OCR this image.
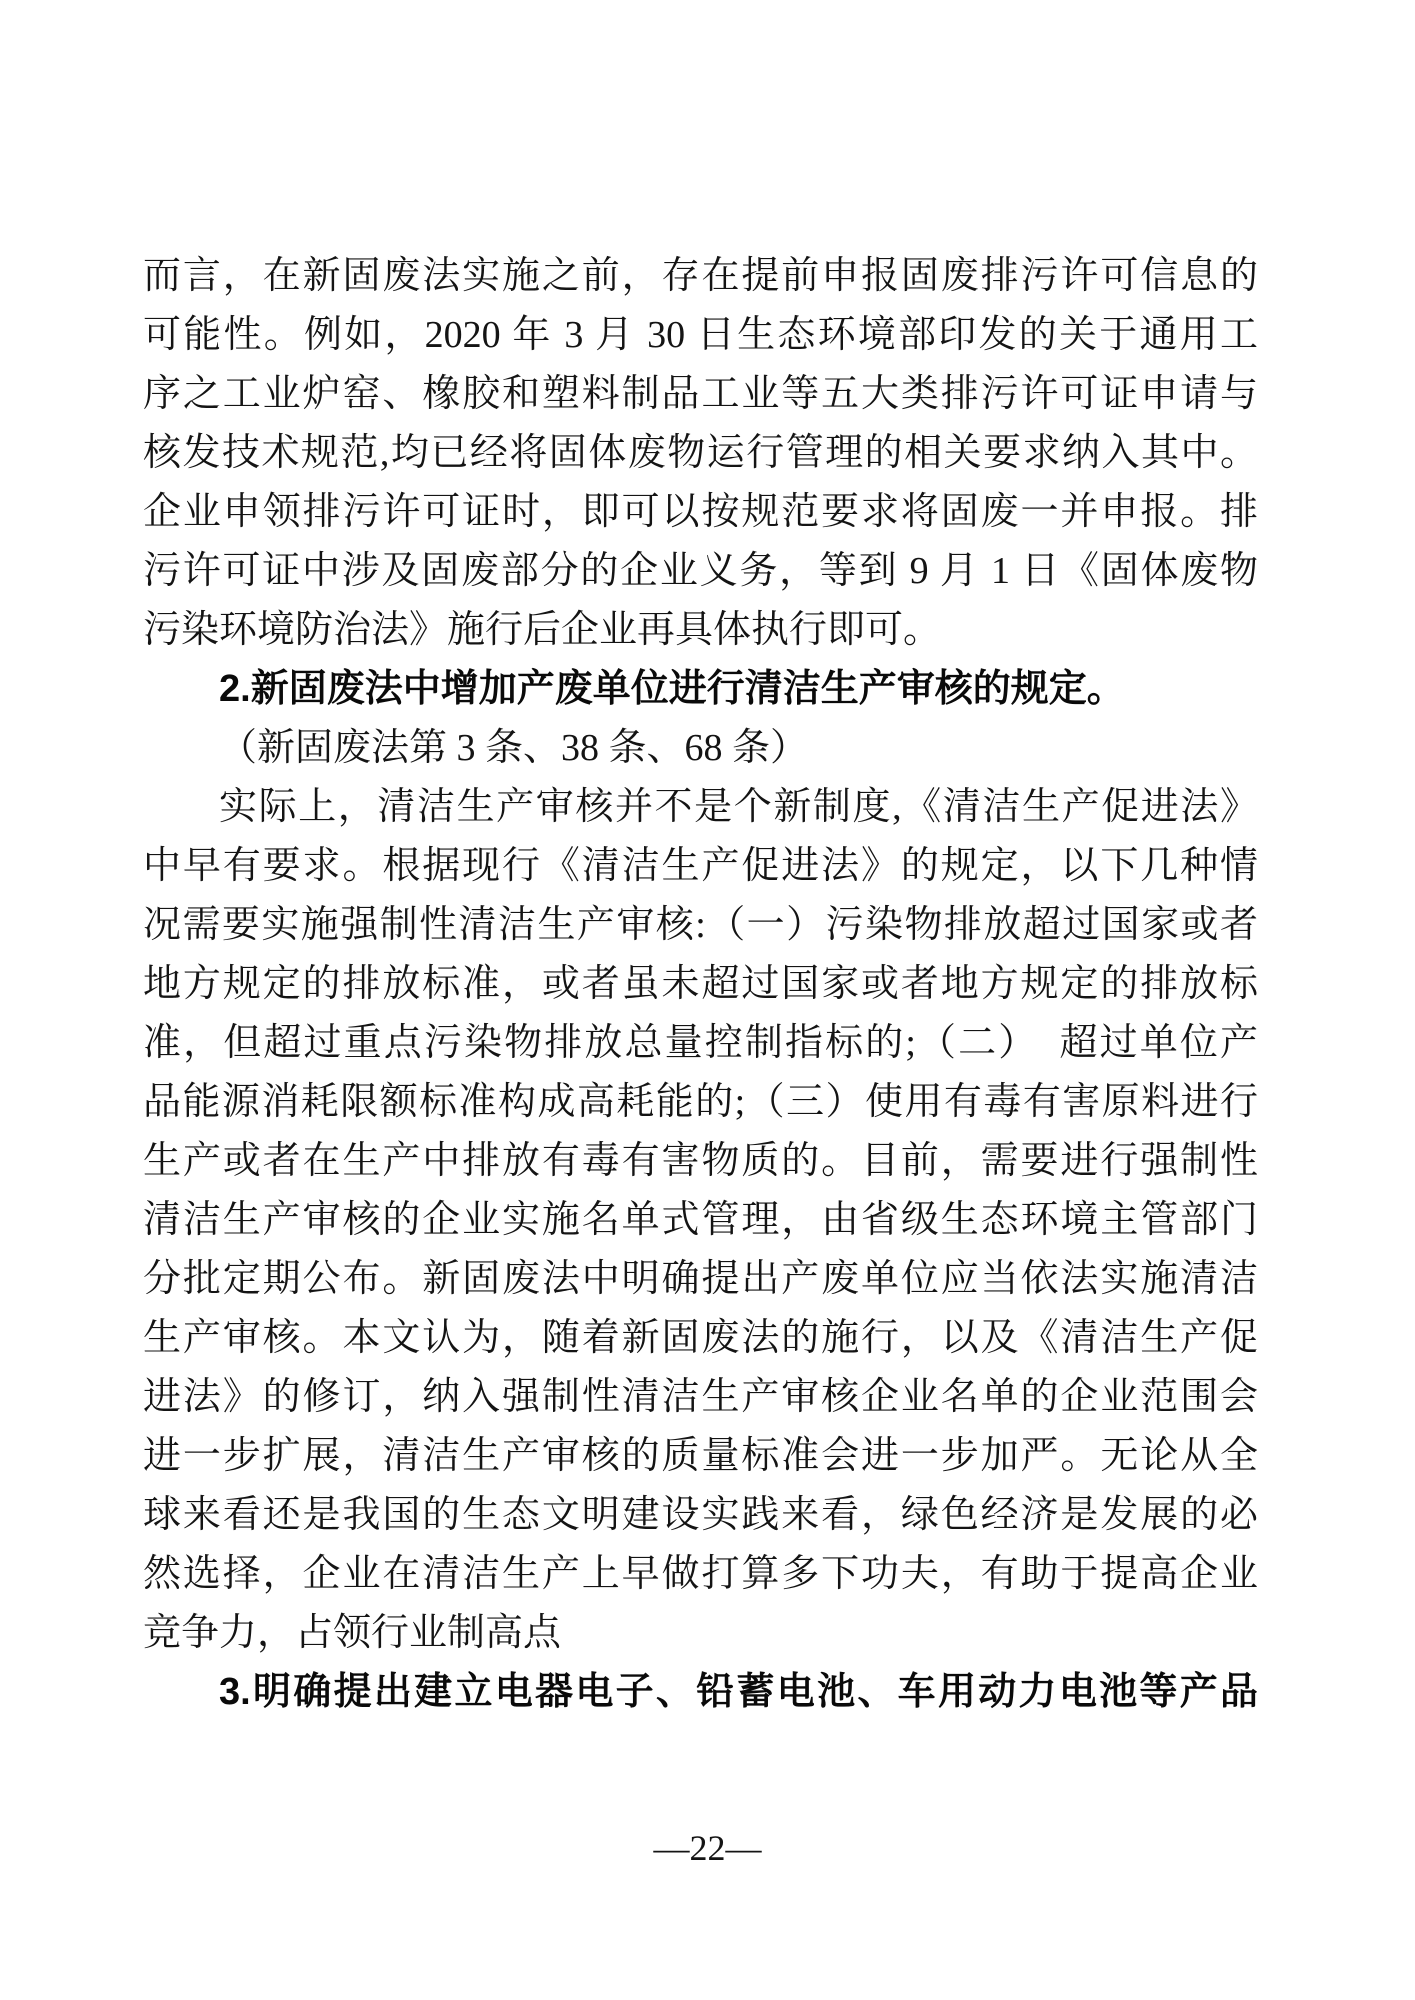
而言，在新固废法实施之前，存在提前申报固废排污许可信息的
可能性。例如，2020 年 3 月 30 日生态环境部印发的关于通用工
序之工业炉窑、橡胶和塑料制品工业等五大类排污许可证申请与
核发技术规范,均已经将固体废物运行管理的相关要求纳入其中。
企业申领排污许可证时，即可以按规范要求将固废一并申报。排
污许可证中涉及固废部分的企业义务，等到 9 月 1 日《固体废物
污染环境防治法》施行后企业再具体执行即可。
2.新固废法中增加产废单位进行清洁生产审核的规定。
（新固废法第 3 条、38 条、68 条）
实际上，清洁生产审核并不是个新制度,《清洁生产促进法》
中早有要求。根据现行《清洁生产促进法》的规定，以下几种情
况需要实施强制性清洁生产审核:（一）污染物排放超过国家或者
地方规定的排放标准，或者虽未超过国家或者地方规定的排放标
准，但超过重点污染物排放总量控制指标的;（二）　超过单位产
品能源消耗限额标准构成高耗能的;（三）使用有毒有害原料进行
生产或者在生产中排放有毒有害物质的。目前，需要进行强制性
清洁生产审核的企业实施名单式管理，由省级生态环境主管部门
分批定期公布。新固废法中明确提出产废单位应当依法实施清洁
生产审核。本文认为，随着新固废法的施行，以及《清洁生产促
进法》的修订，纳入强制性清洁生产审核企业名单的企业范围会
进一步扩展，清洁生产审核的质量标准会进一步加严。无论从全
球来看还是我国的生态文明建设实践来看，绿色经济是发展的必
然选择，企业在清洁生产上早做打算多下功夫，有助于提高企业
竞争力，占领行业制高点
3.明确提出建立电器电子、铅蓄电池、车用动力电池等产品
—22—
